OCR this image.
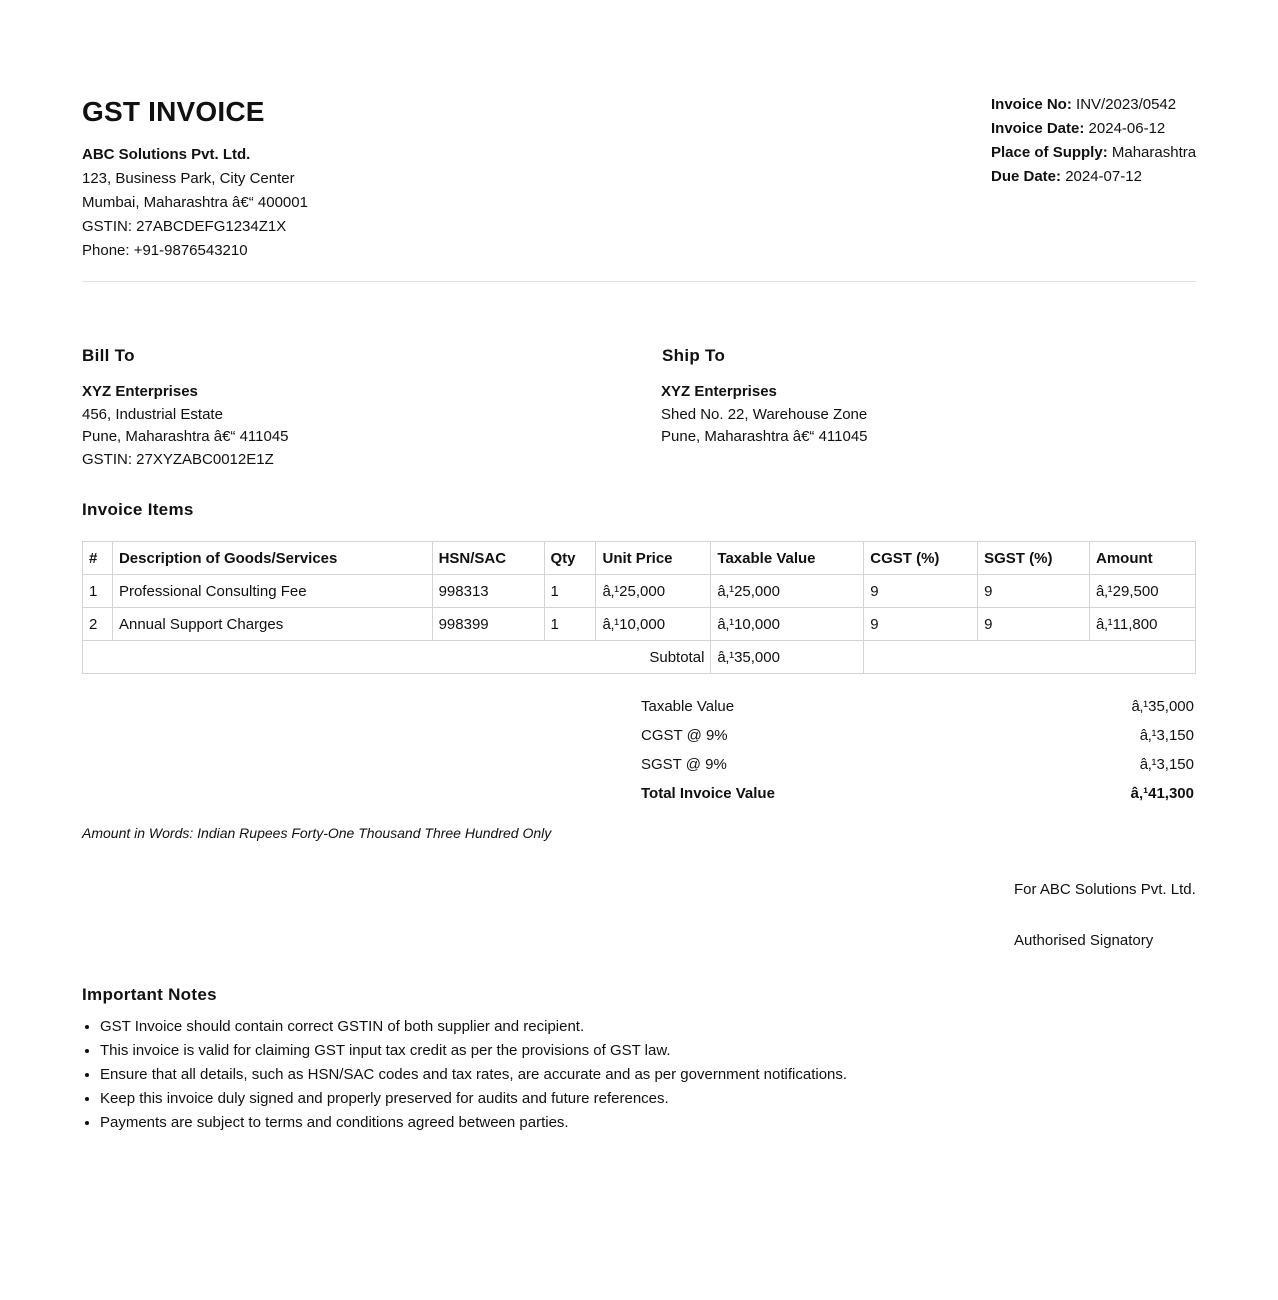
GST INVOICE
ABC Solutions Pvt. Ltd.
123, Business Park, City Center
Mumbai, Maharashtra â€“ 400001
GSTIN: 27ABCDEFG1234Z1X
Phone: +91-9876543210
Invoice No: INV/2023/0542
Invoice Date: 2024-06-12
Place of Supply: Maharashtra
Due Date: 2024-07-12
Bill To
XYZ Enterprises
456, Industrial Estate
Pune, Maharashtra â€“ 411045
GSTIN: 27XYZABC0012E1Z
Ship To
XYZ Enterprises
Shed No. 22, Warehouse Zone
Pune, Maharashtra â€“ 411045
Invoice Items
#	Description of Goods/Services	HSN/SAC	Qty	Unit Price	Taxable Value	CGST (%)	SGST (%)	Amount
1	Professional Consulting Fee	998313	1	â‚¹25,000	â‚¹25,000	9	9	â‚¹29,500
2	Annual Support Charges	998399	1	â‚¹10,000	â‚¹10,000	9	9	â‚¹11,800
Subtotal					â‚¹35,000			
Taxable Value	â‚¹35,000
CGST @ 9%	â‚¹3,150
SGST @ 9%	â‚¹3,150
Total Invoice Value	â‚¹41,300
Amount in Words: Indian Rupees Forty-One Thousand Three Hundred Only
For ABC Solutions Pvt. Ltd.
Authorised Signatory
Important Notes
• GST Invoice should contain correct GSTIN of both supplier and recipient.
• This invoice is valid for claiming GST input tax credit as per the provisions of GST law.
• Ensure that all details, such as HSN/SAC codes and tax rates, are accurate and as per government notifications.
• Keep this invoice duly signed and properly preserved for audits and future references.
• Payments are subject to terms and conditions agreed between parties.
